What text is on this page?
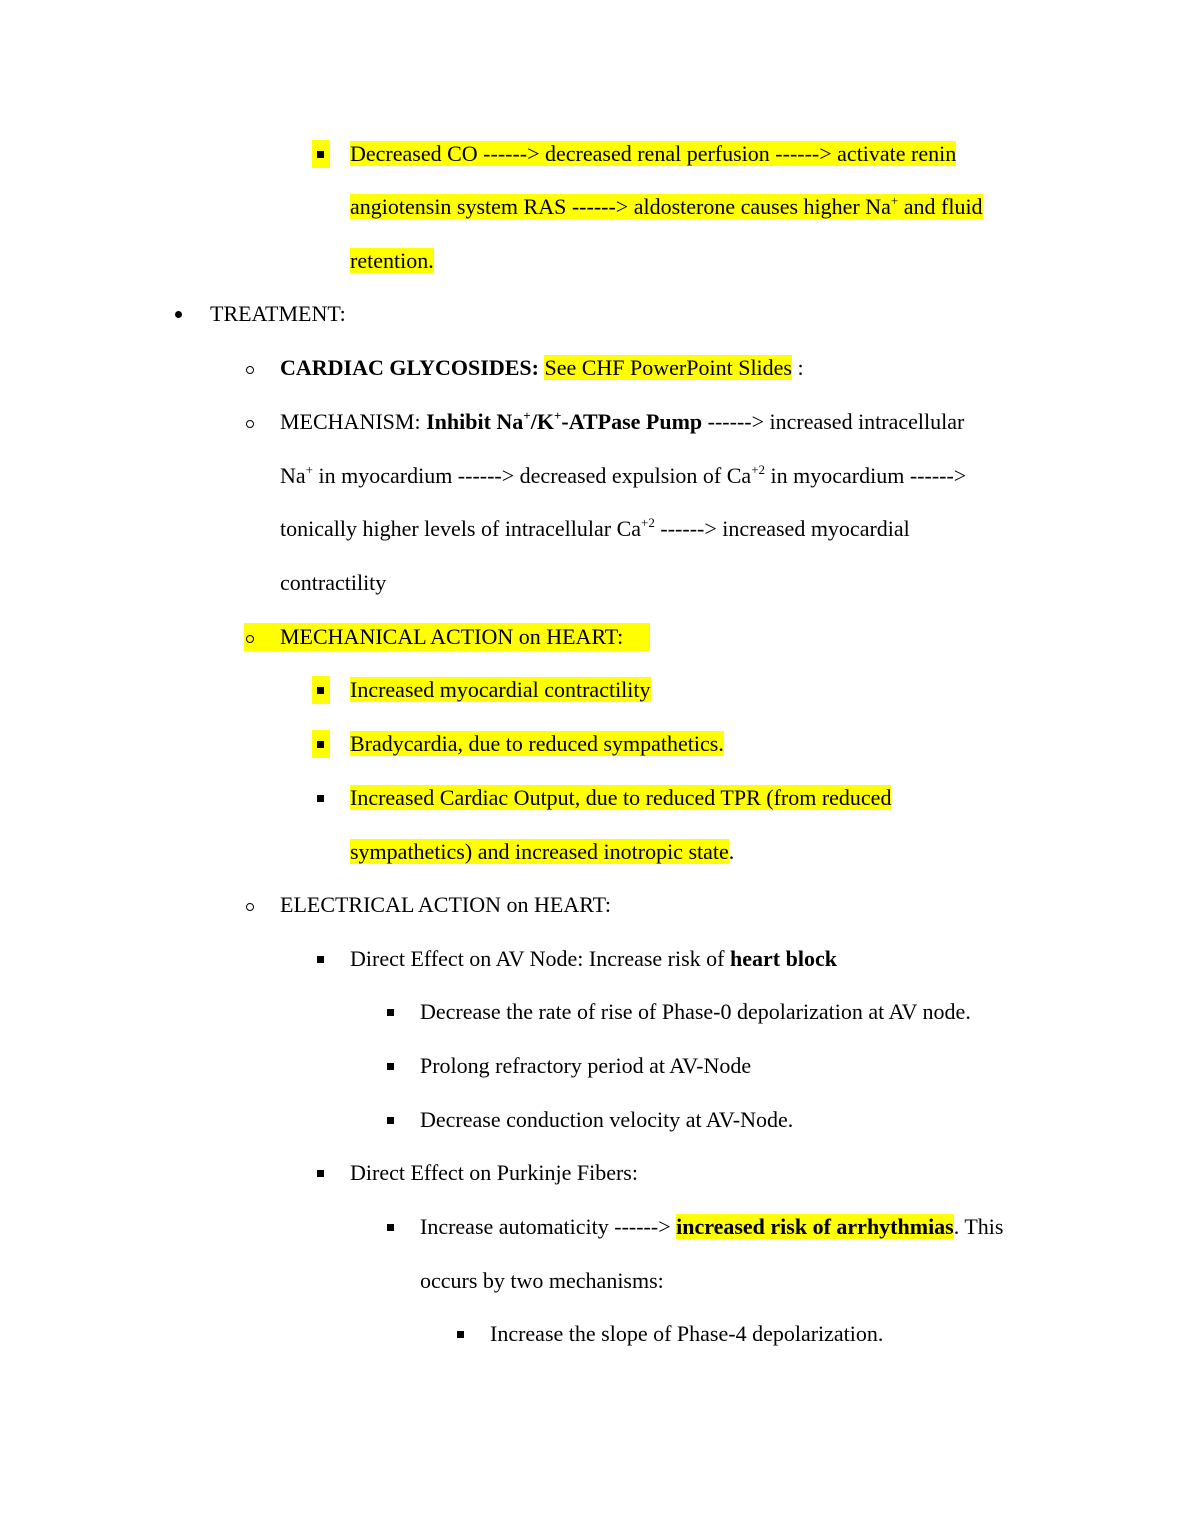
Decreased CO ------> decreased renal perfusion ------> activate renin
angiotensin system RAS ------> aldosterone causes higher Na+ and fluid
retention.
TREATMENT:
CARDIAC GLYCOSIDES: See CHF PowerPoint Slides :
MECHANISM: Inhibit Na+/K+-ATPase Pump ------> increased intracellular
Na+ in myocardium ------> decreased expulsion of $Ca^{+2}$ in myocardium ------>
tonically higher levels of intracellular $Ca^{+2}$ ------> increased myocardial
contractility
MECHANICAL ACTION on HEART:
Increased myocardial contractility
Bradycardia, due to reduced sympathetics.
Increased Cardiac Output, due to reduced TPR (from reduced
sympathetics) and increased inotropic state.
ELECTRICAL ACTION on HEART:
Direct Effect on AV Node: Increase risk of heart block
Decrease the rate of rise of Phase-0 depolarization at AV node.
Prolong refractory period at AV-Node
Decrease conduction velocity at AV-Node.
Direct Effect on Purkinje Fibers:
Increase automaticity ------> increased risk of arrhythmias. This
occurs by two mechanisms:
Increase the slope of Phase-4 depolarization.
